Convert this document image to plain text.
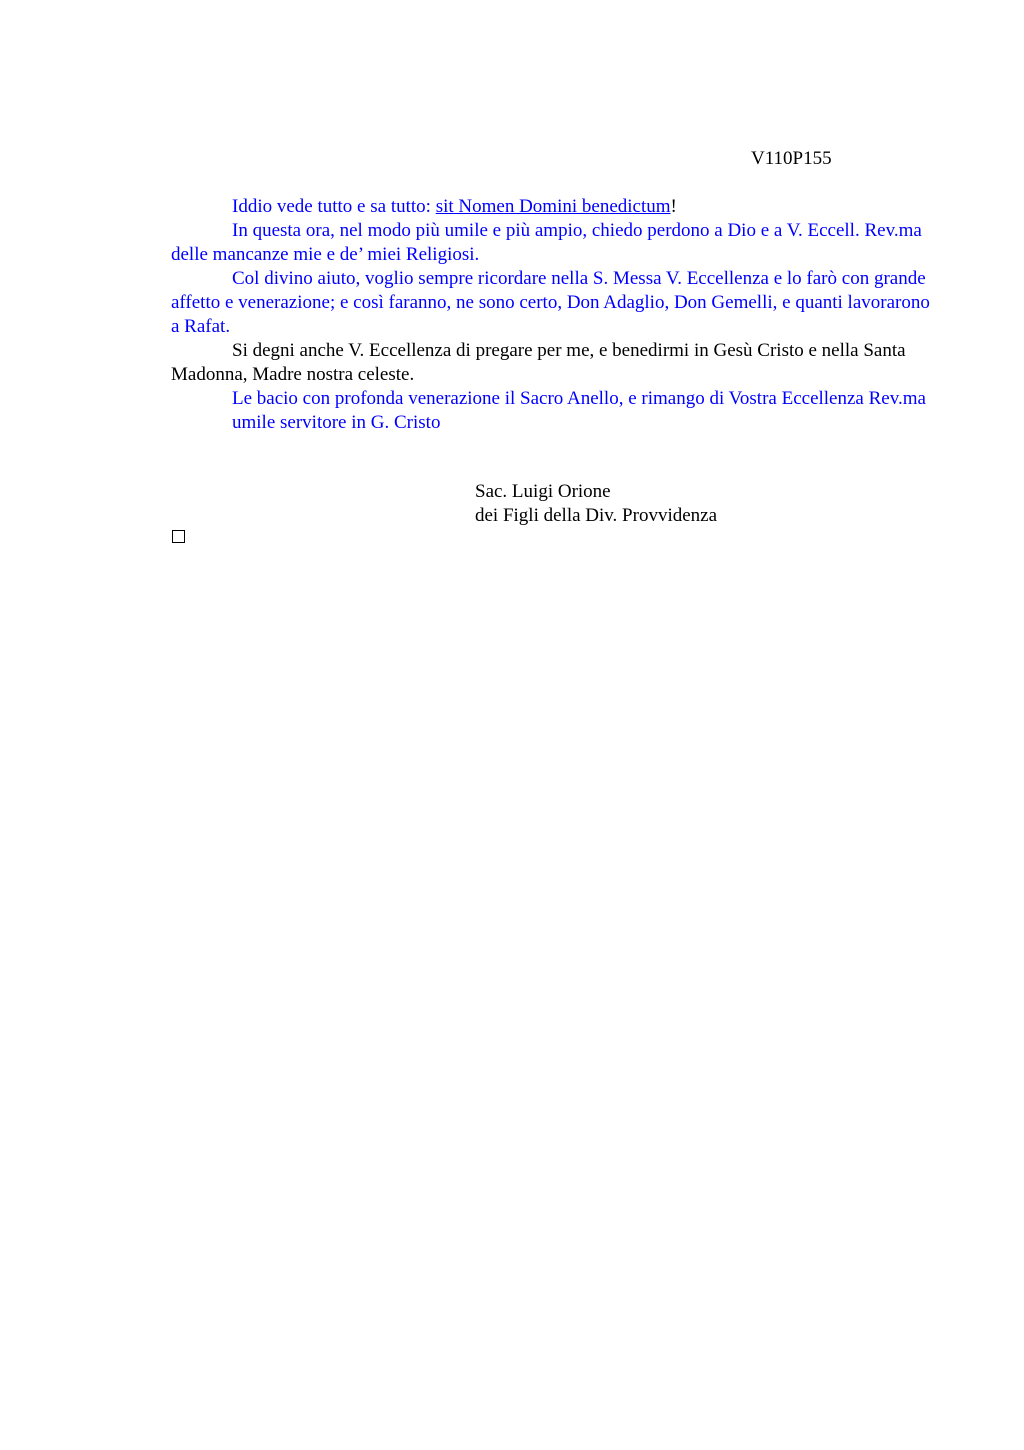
V110P155

Iddio vede tutto e sa tutto: sit Nomen Domini benedictum!

In questa ora, nel modo più umile e più ampio, chiedo perdono a Dio e a V. Eccell. Rev.ma delle mancanze mie e de’ miei Religiosi.

Col divino aiuto, voglio sempre ricordare nella S. Messa V. Eccellenza e lo farò con grande affetto e venerazione; e così faranno, ne sono certo, Don Adaglio, Don Gemelli, e quanti lavorarono a Rafat.

Si degni anche V. Eccellenza di pregare per me, e benedirmi in Gesù Cristo e nella Santa Madonna, Madre nostra celeste.

Le bacio con profonda venerazione il Sacro Anello, e rimango di Vostra Eccellenza Rev.ma

umile servitore in G. Cristo

Sac. Luigi Orione
dei Figli della Div. Provvidenza
